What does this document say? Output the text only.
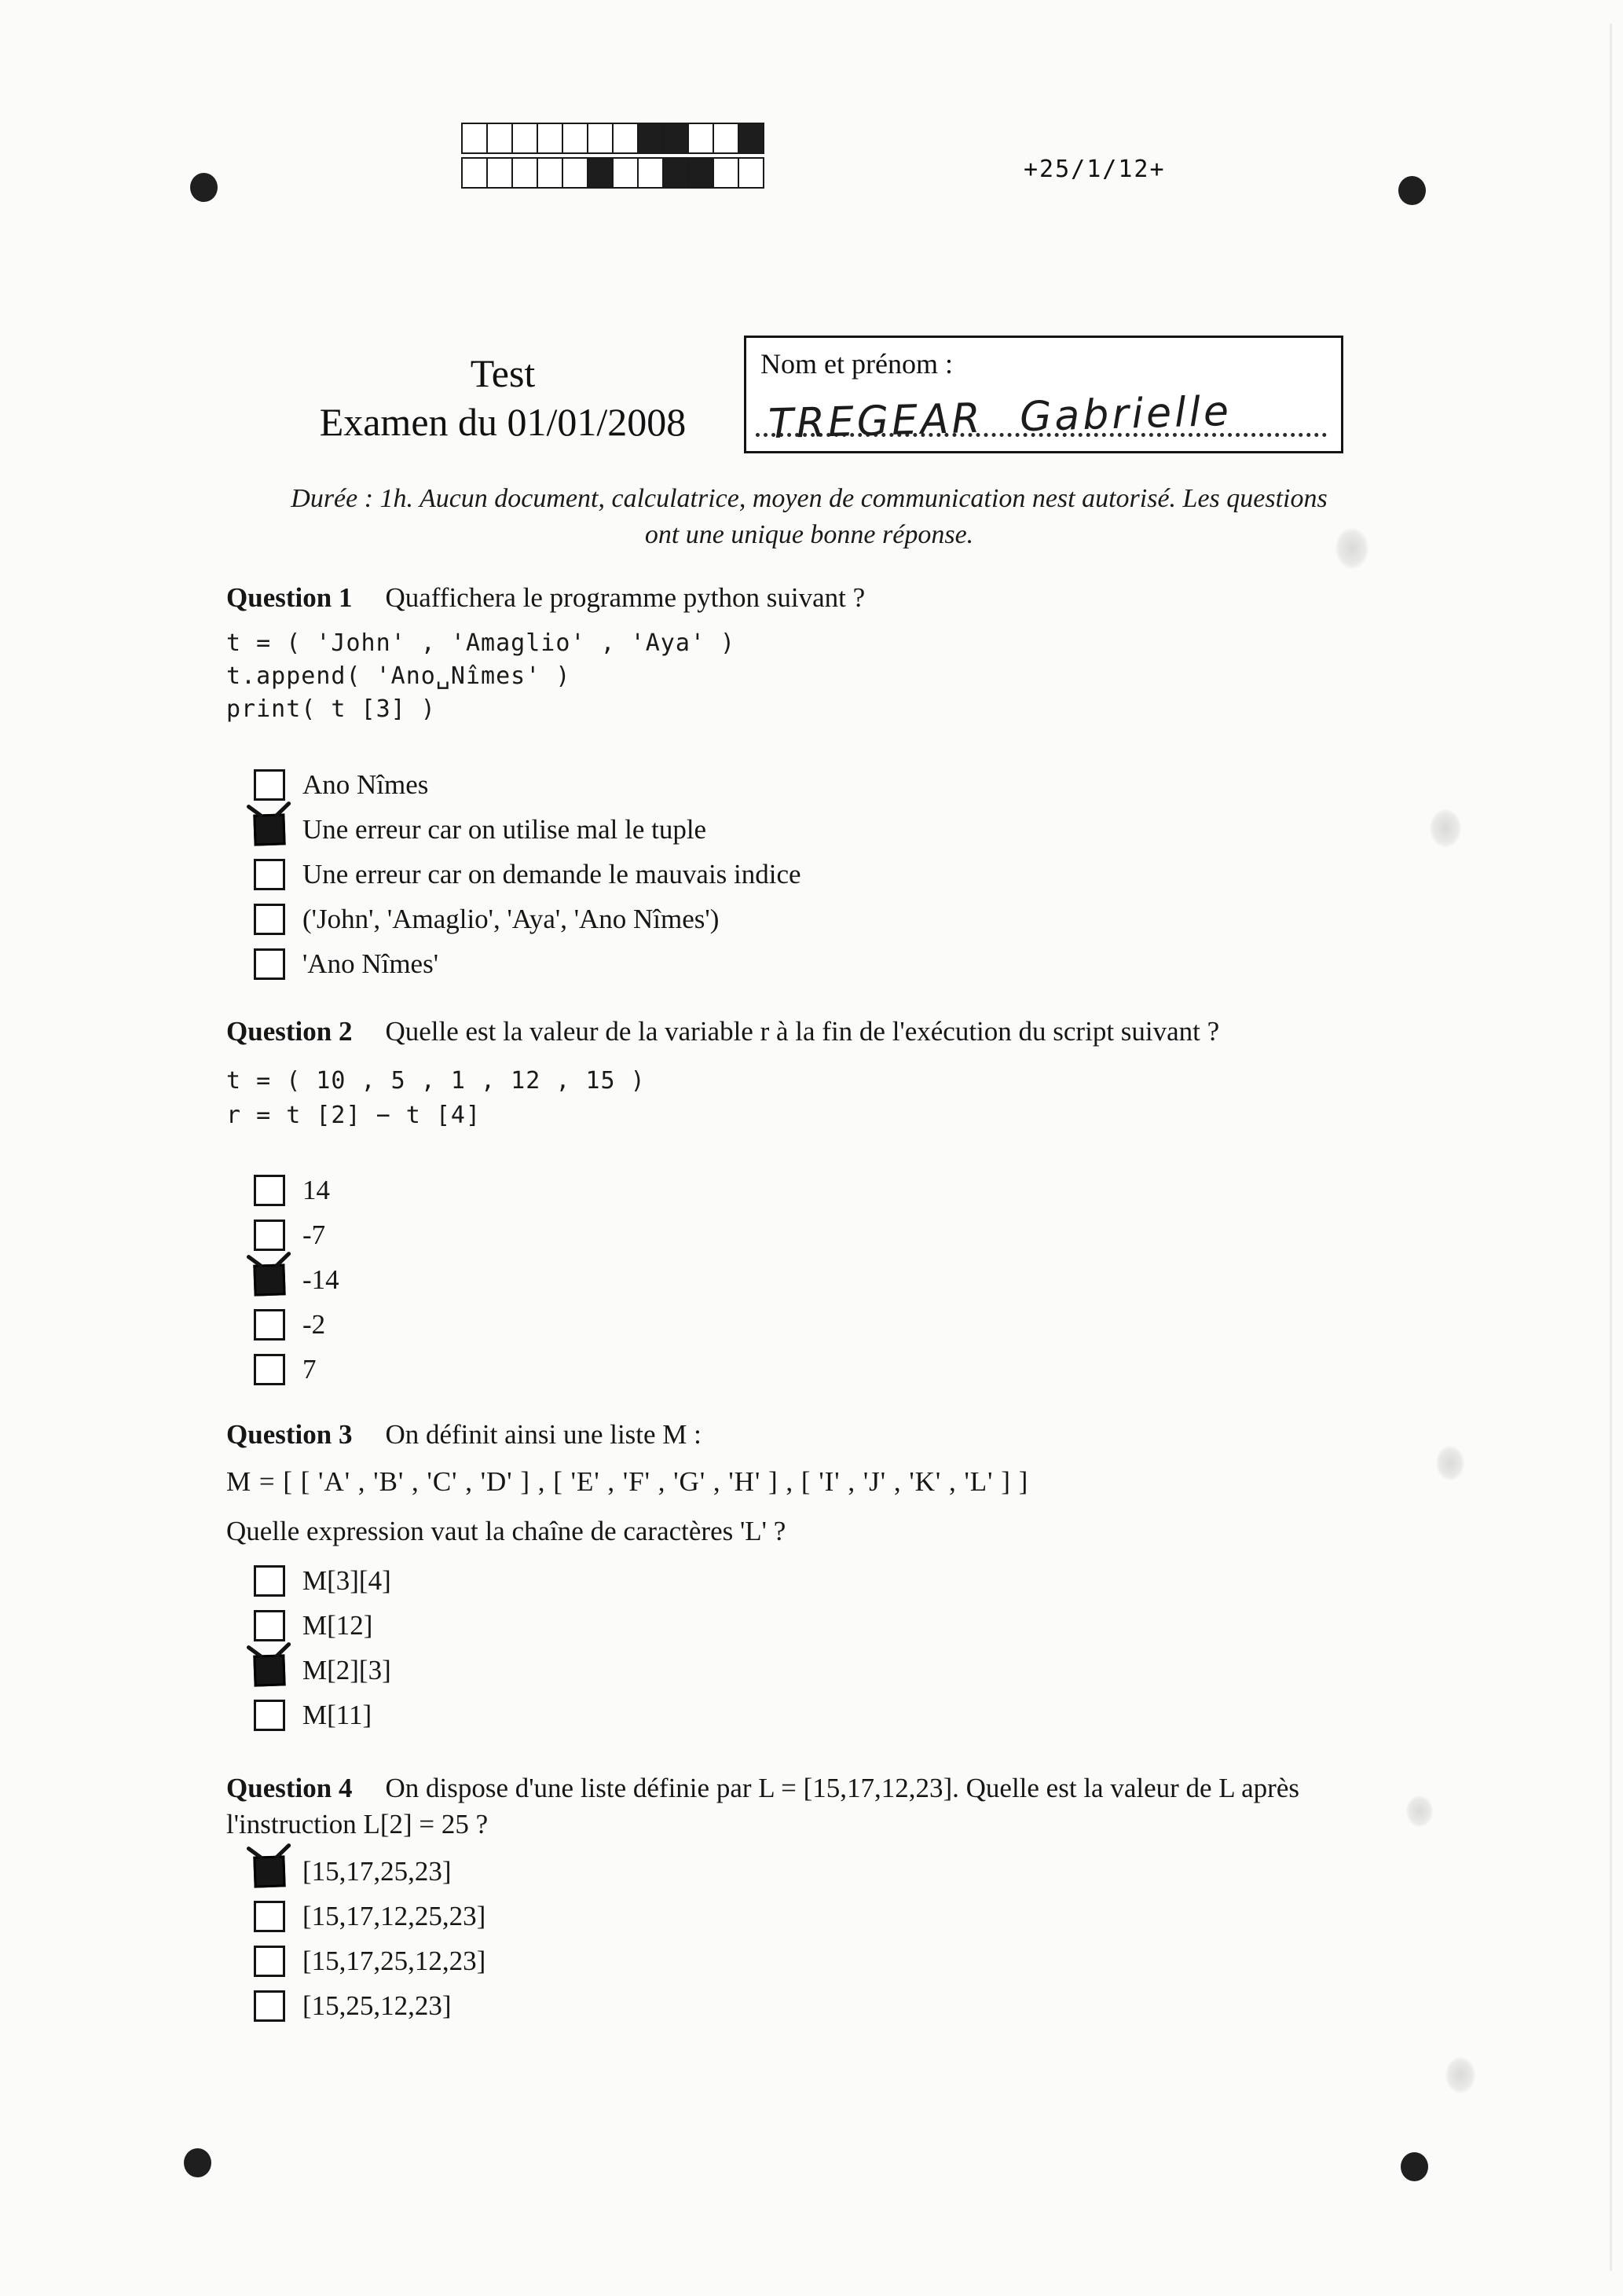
+25/1/12+
Test
Examen du 01/01/2008
Nom et prénom :
TREGEAR Gabrielle
Durée : 1h. Aucun document, calculatrice, moyen de communication nest autorisé. Les questions
ont une unique bonne réponse.
Question 1 Quaffichera le programme python suivant ?
t = ( 'John' , 'Amaglio' , 'Aya' )
t.append( 'Ano␣Nîmes' )
print( t [3] )
Ano Nîmes
Une erreur car on utilise mal le tuple
Une erreur car on demande le mauvais indice
('John', 'Amaglio', 'Aya', 'Ano Nîmes')
'Ano Nîmes'
Question 2 Quelle est la valeur de la variable r à la fin de l'exécution du script suivant ?
t = ( 10 , 5 , 1 , 12 , 15 )
r = t [2] − t [4]
14
-7
-14
-2
7
Question 3 On définit ainsi une liste M :
M = [ [ 'A' , 'B' , 'C' , 'D' ] , [ 'E' , 'F' , 'G' , 'H' ] , [ 'I' , 'J' , 'K' , 'L' ] ]
Quelle expression vaut la chaîne de caractères 'L' ?
M[3][4]
M[12]
M[2][3]
M[11]
Question 4 On dispose d'une liste définie par L = [15,17,12,23]. Quelle est la valeur de L après l'instruction L[2] = 25 ?
[15,17,25,23]
[15,17,12,25,23]
[15,17,25,12,23]
[15,25,12,23]
